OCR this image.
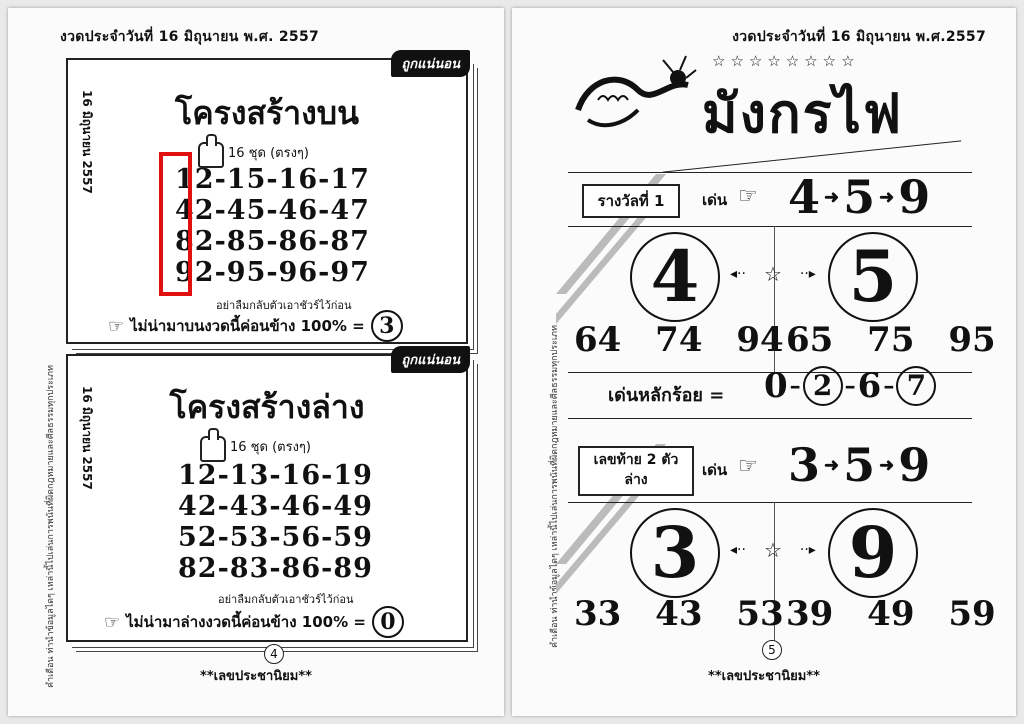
งวดประจำวันที่ 16 มิถุนายน พ.ศ. 2557
คำเตือน ท่านำข้อมูลไดๆ เหล่านี้ไปเล่นการพนันที่ผิดกฎหมายและศีลธรรมทุกประเภท
ถูกแน่นอน
16 มิถุนายน 2557	โครงสร้างบน
16 ชุด (ตรงๆ)
12-15-16-17
42-45-46-47
82-85-86-87
92-95-96-97
อย่าลืมกลับตัวเอาชัวร์ไว้ก่อน
☞ ไม่น่ามาบนงวดนี้ค่อนข้าง 100% = 3
ถูกแน่นอน
16 มิถุนายน 2557	โครงสร้างล่าง
16 ชุด (ตรงๆ)
12-13-16-19
42-43-46-49
52-53-56-59
82-83-86-89
อย่าลืมกลับตัวเอาชัวร์ไว้ก่อน
☞ ไม่น่ามาล่างงวดนี้ค่อนข้าง 100% = 0
4
**เลขประชานิยม**
งวดประจำวันที่ 16 มิถุนายน พ.ศ.2557
คำเตือน ท่านำข้อมูลไดๆ เหล่านี้ไปเล่นการพนันที่ผิดกฎหมายและศีลธรรมทุกประเภท
☆☆☆☆☆☆☆☆
มังกรไฟ
รางวัลที่ 1	เด่น ☞ 4 ➜ 5 ➜ 9
4	◂·· ☆ ··▸ 5
64 74 94 65 75 95
เด่นหลักร้อย = 0 – 2 – 6 – 7
เลขท้าย 2 ตัว
ล่าง
เด่น ☞ 3 ➜ 5 ➜ 9
3	◂·· ☆ ··▸ 9
33 43 53 39 49 59
5
**เลขประชานิยม**
